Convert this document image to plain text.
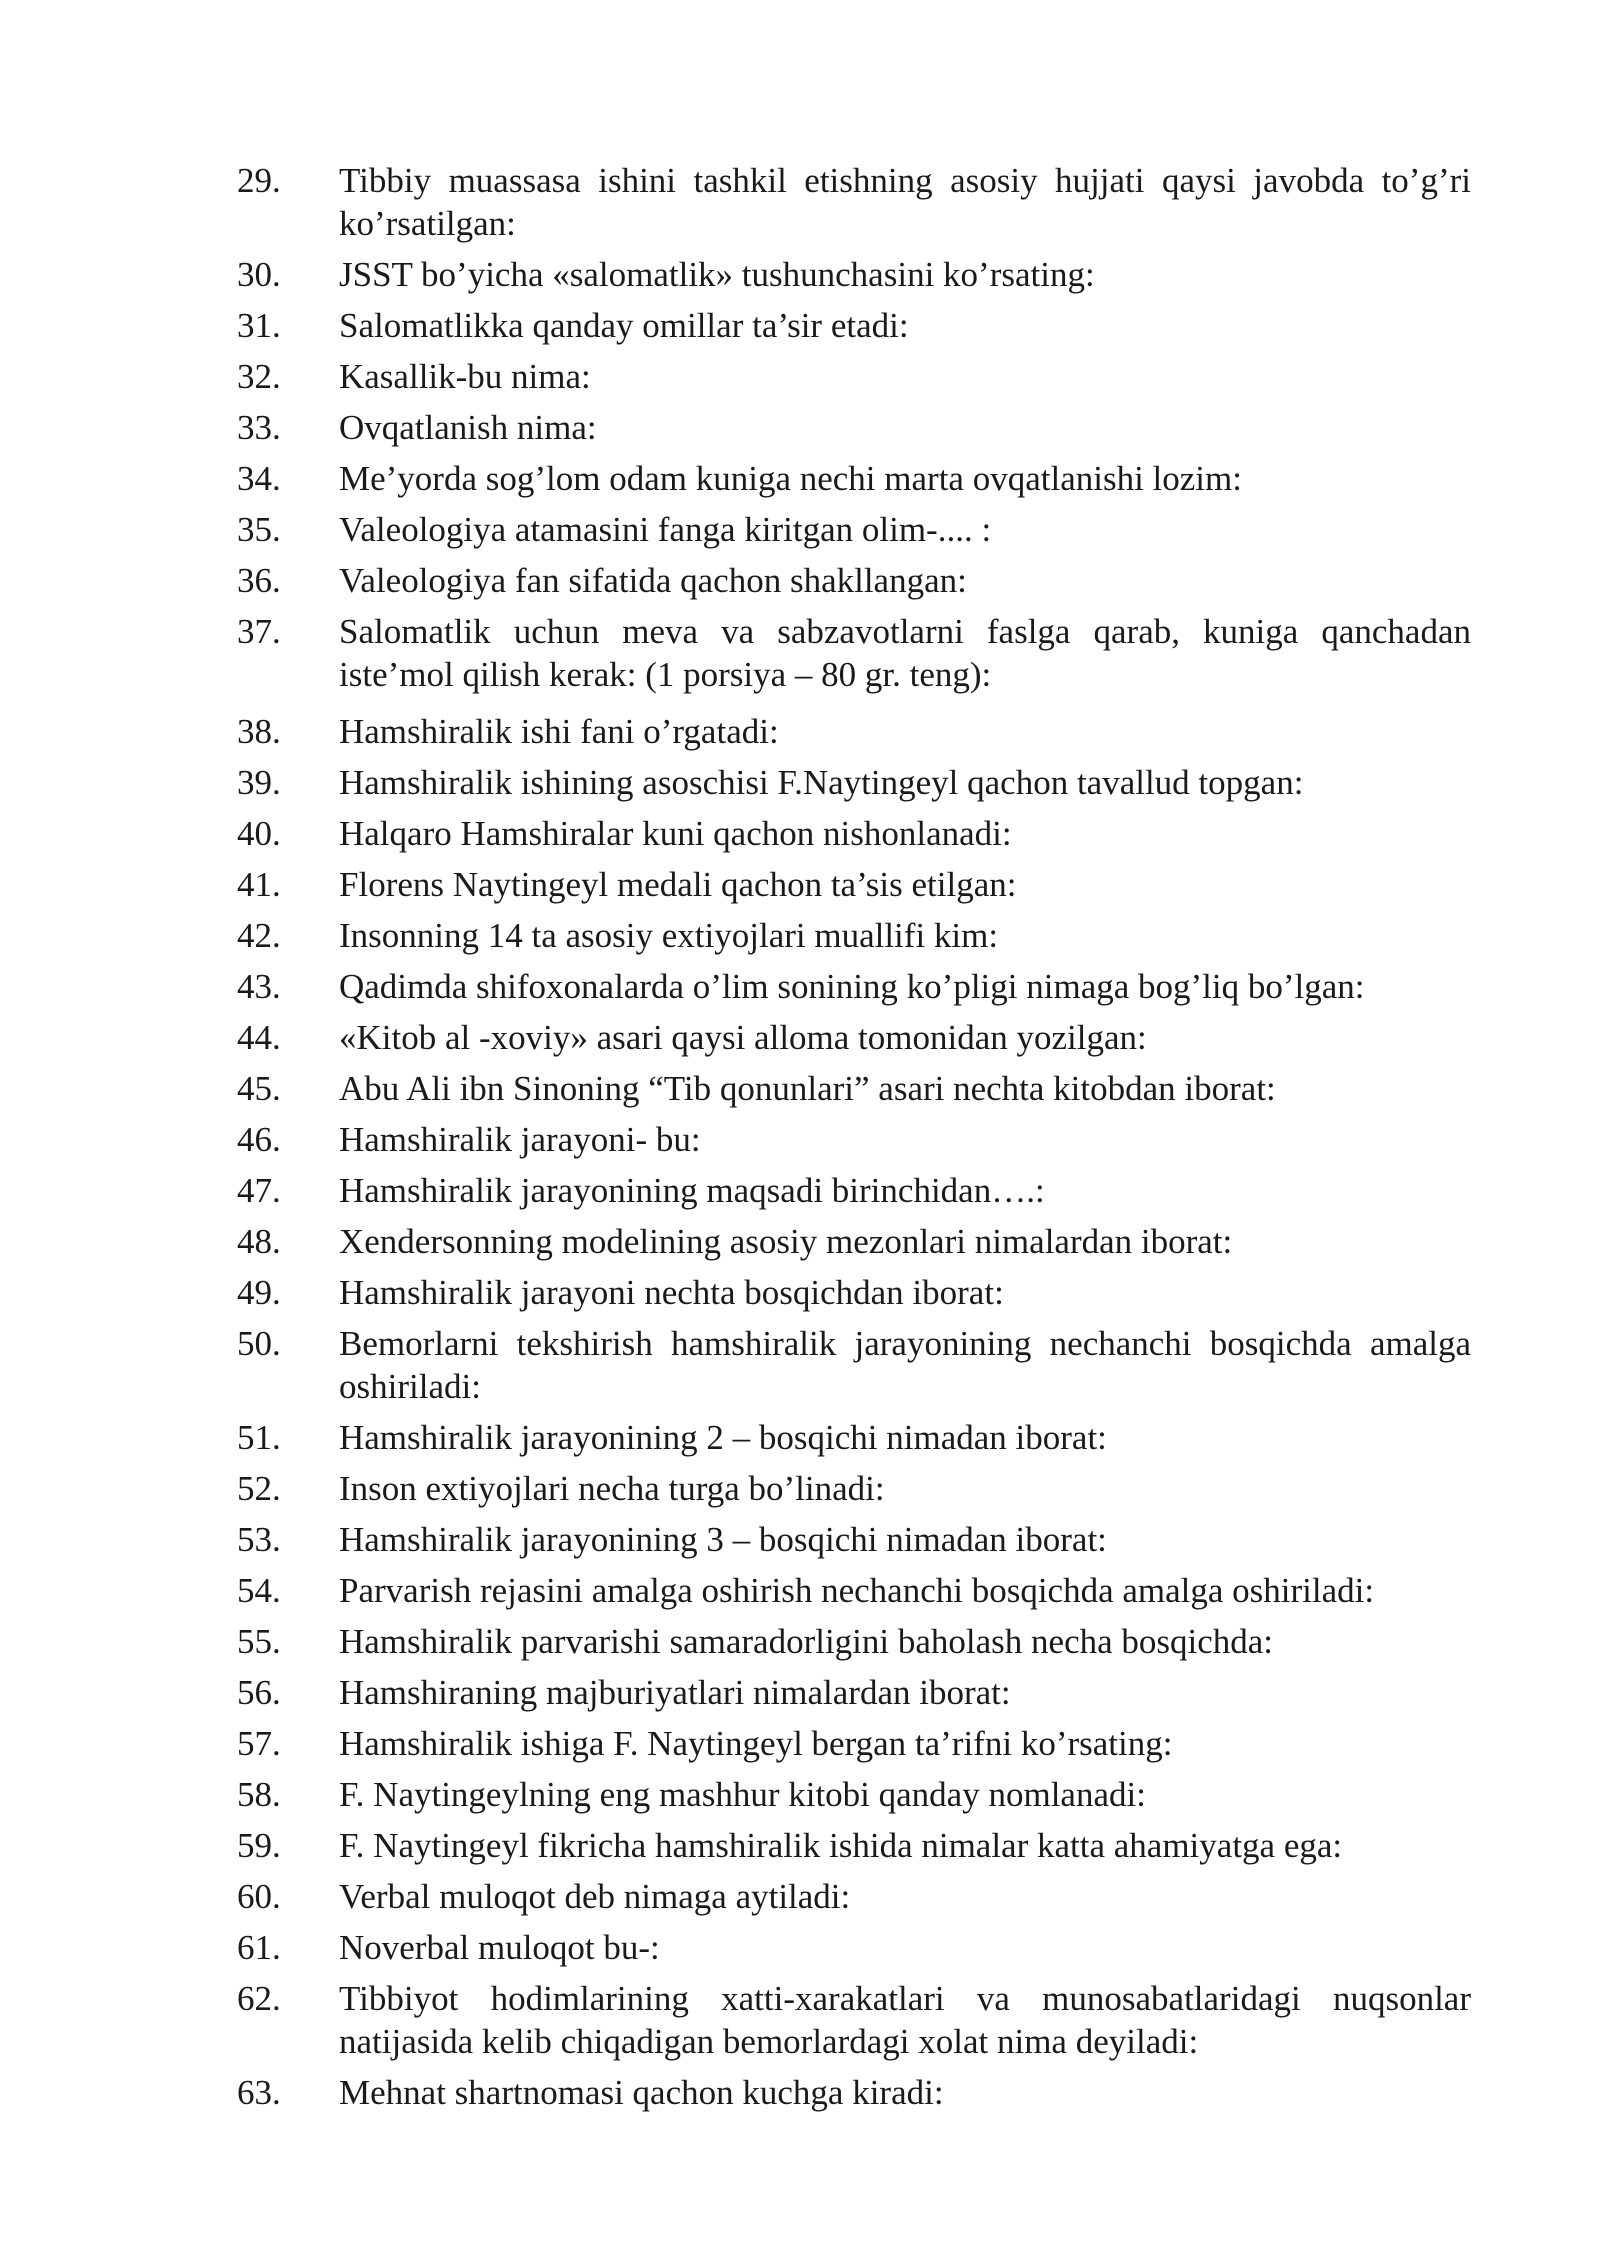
29.	Tibbiy muassasa ishini tashkil etishning asosiy hujjati qaysi javobda to’g’ri ko’rsatilgan:
30.	JSST bo’yicha «salomatlik» tushunchasini ko’rsating:
31.	Salomatlikka qanday omillar ta’sir etadi:
32.	Kasallik-bu nima:
33.	Ovqatlanish nima:
34.	Me’yorda sog’lom odam kuniga nechi marta ovqatlanishi lozim:
35.	Valeologiya atamasini fanga kiritgan olim-.... :
36.	Valeologiya fan sifatida qachon shakllangan:
37.	Salomatlik uchun meva va sabzavotlarni faslga qarab, kuniga qanchadan iste’mol qilish kerak: (1 porsiya – 80 gr. teng):
38.	Hamshiralik ishi fani o’rgatadi:
39.	Hamshiralik ishining asoschisi F.Naytingeyl qachon tavallud topgan:
40.	Halqaro Hamshiralar kuni qachon nishonlanadi:
41.	Florens Naytingeyl medali qachon ta’sis etilgan:
42.	Insonning 14 ta asosiy extiyojlari muallifi kim:
43.	Qadimda shifoxonalarda o’lim sonining ko’pligi nimaga bog’liq bo’lgan:
44.	«Kitob al -xoviy» asari qaysi alloma tomonidan yozilgan:
45.	Abu Ali ibn Sinoning “Tib qonunlari” asari nechta kitobdan iborat:
46.	Hamshiralik jarayoni- bu:
47.	Hamshiralik jarayonining maqsadi birinchidan….:
48.	Xendersonning modelining asosiy mezonlari nimalardan iborat:
49.	Hamshiralik jarayoni nechta bosqichdan iborat:
50.	Bemorlarni tekshirish hamshiralik jarayonining nechanchi bosqichda amalga oshiriladi:
51.	Hamshiralik jarayonining 2 – bosqichi nimadan iborat:
52.	Inson extiyojlari necha turga bo’linadi:
53.	Hamshiralik jarayonining 3 – bosqichi nimadan iborat:
54.	Parvarish rejasini amalga oshirish nechanchi bosqichda amalga oshiriladi:
55.	Hamshiralik parvarishi samaradorligini baholash necha bosqichda:
56.	Hamshiraning majburiyatlari nimalardan iborat:
57.	Hamshiralik ishiga F. Naytingeyl bergan ta’rifni ko’rsating:
58.	F. Naytingeylning eng mashhur kitobi qanday nomlanadi:
59.	F. Naytingeyl fikricha hamshiralik ishida nimalar katta ahamiyatga ega:
60.	Verbal muloqot deb nimaga aytiladi:
61.	Noverbal muloqot bu-:
62.	Tibbiyot hodimlarining xatti-xarakatlari va munosabatlaridagi nuqsonlar natijasida kelib chiqadigan bemorlardagi xolat nima deyiladi:
63.	Mehnat shartnomasi qachon kuchga kiradi:
